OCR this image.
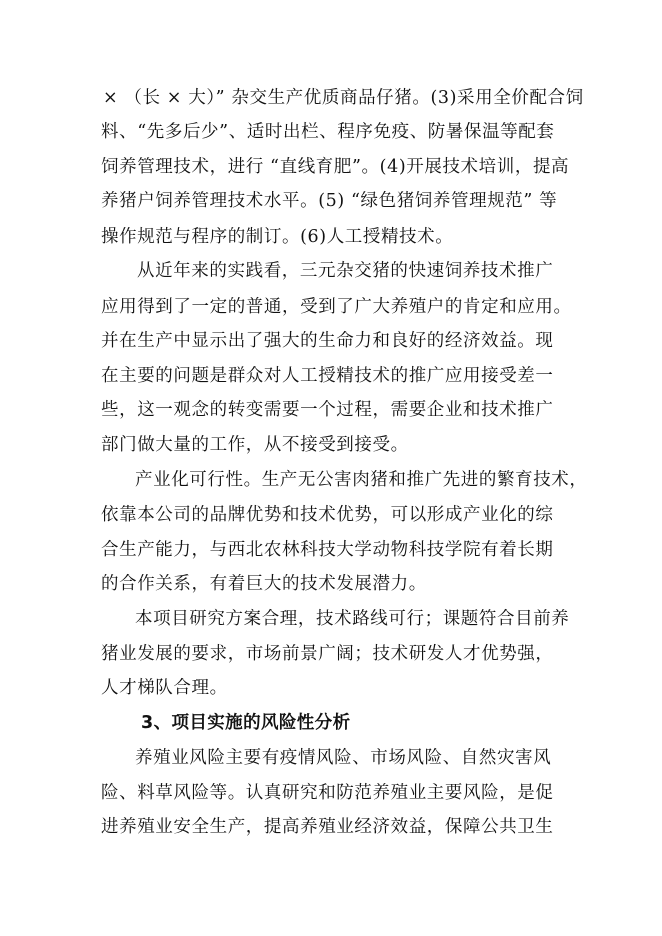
× （长 × 大）” 杂交生产优质商品仔猪。(3)采用全价配合饲
料、“先多后少”、适时出栏、程序免疫、防暑保温等配套
饲养管理技术，进行 “直线育肥”。(4)开展技术培训，提高
养猪户饲养管理技术水平。(5) “绿色猪饲养管理规范” 等
操作规范与程序的制订。(6)人工授精技术。
从近年来的实践看，三元杂交猪的快速饲养技术推广
应用得到了一定的普通，受到了广大养殖户的肯定和应用。
并在生产中显示出了强大的生命力和良好的经济效益。现
在主要的问题是群众对人工授精技术的推广应用接受差一
些，这一观念的转变需要一个过程，需要企业和技术推广
部门做大量的工作，从不接受到接受。
产业化可行性。生产无公害肉猪和推广先进的繁育技术，
依靠本公司的品牌优势和技术优势，可以形成产业化的综
合生产能力，与西北农林科技大学动物科技学院有着长期
的合作关系，有着巨大的技术发展潜力。
本项目研究方案合理，技术路线可行；课题符合目前养
猪业发展的要求，市场前景广阔；技术研发人才优势强，
人才梯队合理。
3、项目实施的风险性分析
养殖业风险主要有疫情风险、市场风险、自然灾害风
险、料草风险等。认真研究和防范养殖业主要风险，是促
进养殖业安全生产，提高养殖业经济效益，保障公共卫生
